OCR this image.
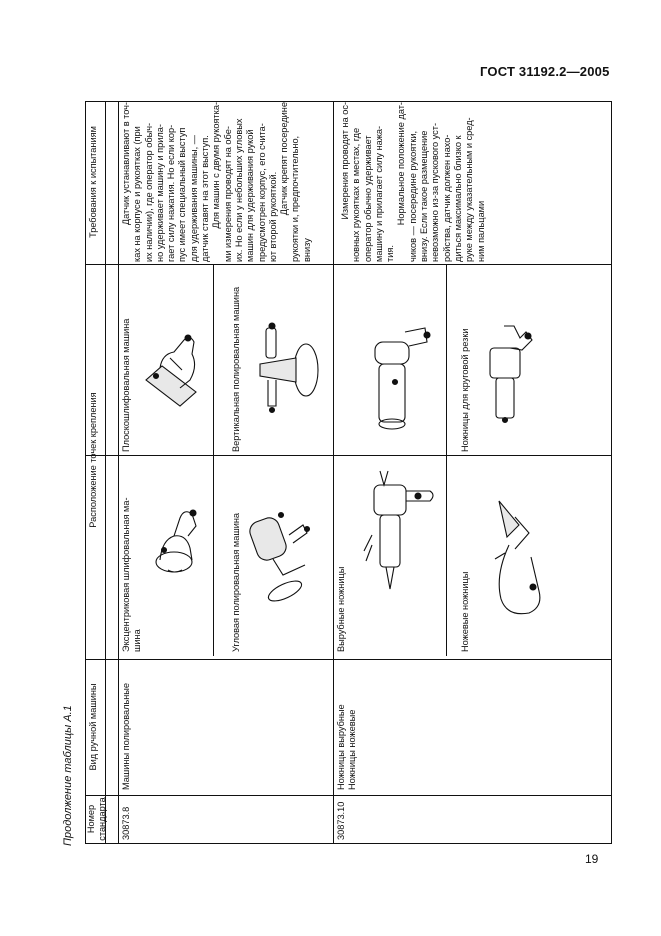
ГОСТ 31192.2—2005
19
Продолжение таблицы А.1	Номер стандарта
Вид ручной машины
Расположение точек крепления
Требования к испытаниям
30873.8
Машины полировальные
Эксцентриковая шлифовальная ма- шина
Плоскошлифовальная машина
Угловая полировальная машина
Вертикальная полировальная машина
Датчик устанавливают в точ- ках на корпусе и рукоятках (при их наличии), где оператор обыч- но удерживает машину и прила- гает силу нажатия. Но если кор- пус имеет специальный выступ для удерживания машины, — датчик ставят на этот выступ. Для машин с двумя рукоятка- ми измерения проводят на обе- их. Но если у небольших угловых машин для удерживания рукой предусмотрен корпус, его счита- ют второй рукояткой.
Датчик крепят посередине рукоятки и, предпочтительно, внизу
30873.10
Ножницы вырубные Ножницы ножевые
Вырубные ножницы
Ножницы для круговой резки
Ножевые ножницы
Измерения проводят на ос- новных рукоятках в местах, где оператор обычно удерживает машину и прилагает силу нажа- тия.
Нормальное положение дат- чиков — посередине рукоятки, внизу. Если такое размещение невозможно из-за пускового уст- ройства, датчик должен нахо- диться максимально близко к руке между указательным и сред- ним пальцами
